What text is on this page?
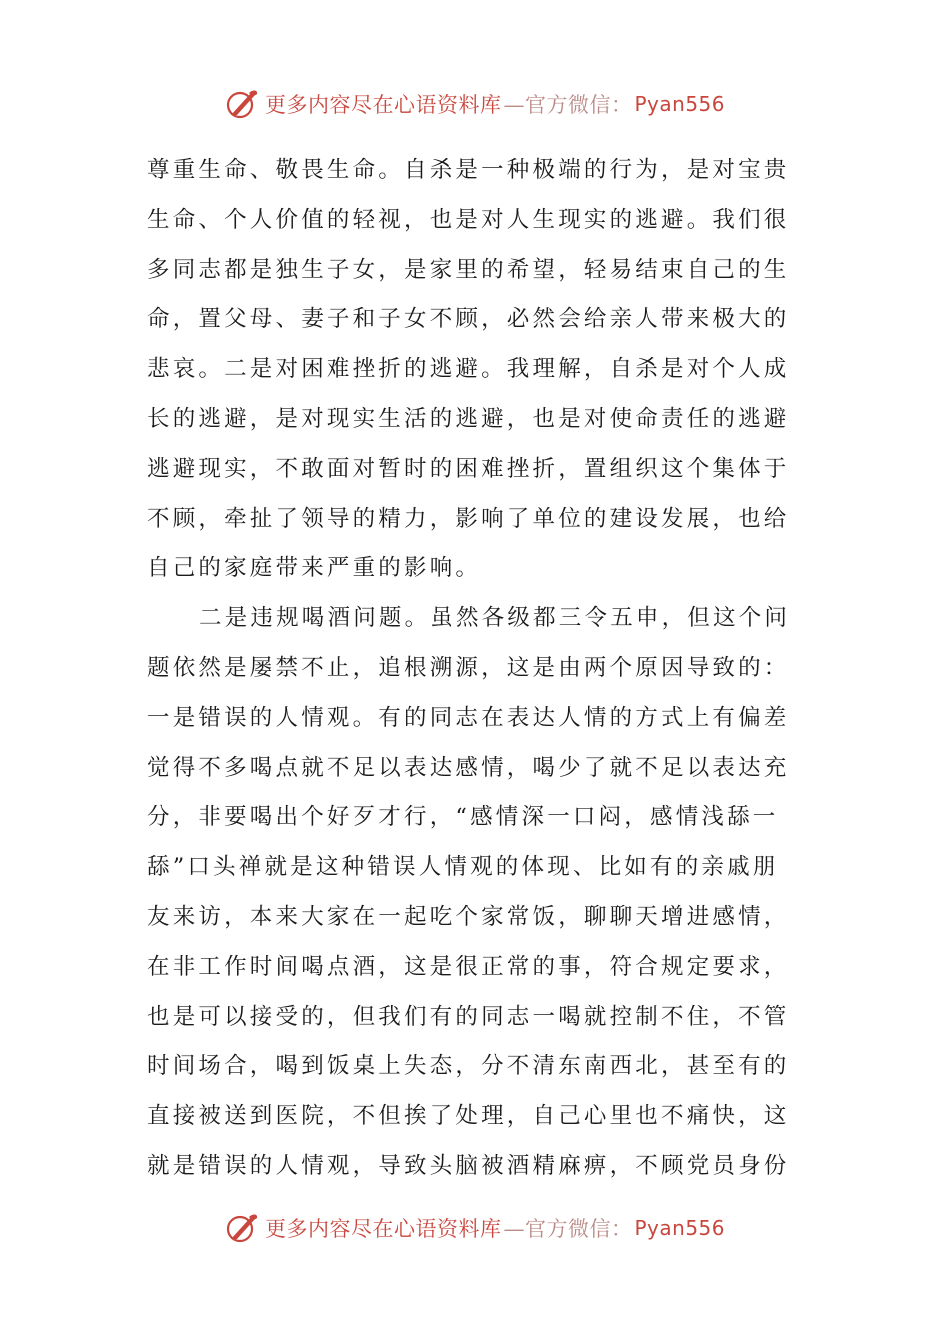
更多内容尽在心语资料库 —官方微信： Pyan556
尊重生命、敬畏生命。自杀是一种极端的行为，是对宝贵
生命、个人价值的轻视，也是对人生现实的逃避。我们很
多同志都是独生子女，是家里的希望，轻易结束自己的生
命，置父母、妻子和子女不顾，必然会给亲人带来极大的
悲哀。二是对困难挫折的逃避。我理解，自杀是对个人成
长的逃避，是对现实生活的逃避，也是对使命责任的逃避
逃避现实，不敢面对暂时的困难挫折，置组织这个集体于
不顾，牵扯了领导的精力，影响了单位的建设发展，也给
自己的家庭带来严重的影响。
二是违规喝酒问题。虽然各级都三令五申，但这个问
题依然是屡禁不止，追根溯源，这是由两个原因导致的：
一是错误的人情观。有的同志在表达人情的方式上有偏差
觉得不多喝点就不足以表达感情，喝少了就不足以表达充
分，非要喝出个好歹才行，“感情深一口闷，感情浅舔一
舔”口头禅就是这种错误人情观的体现、比如有的亲戚朋
友来访，本来大家在一起吃个家常饭，聊聊天增进感情，
在非工作时间喝点酒，这是很正常的事，符合规定要求，
也是可以接受的，但我们有的同志一喝就控制不住，不管
时间场合，喝到饭桌上失态，分不清东南西北，甚至有的
直接被送到医院，不但挨了处理，自己心里也不痛快，这
就是错误的人情观，导致头脑被酒精麻痹，不顾党员身份
更多内容尽在心语资料库 —官方微信： Pyan556
